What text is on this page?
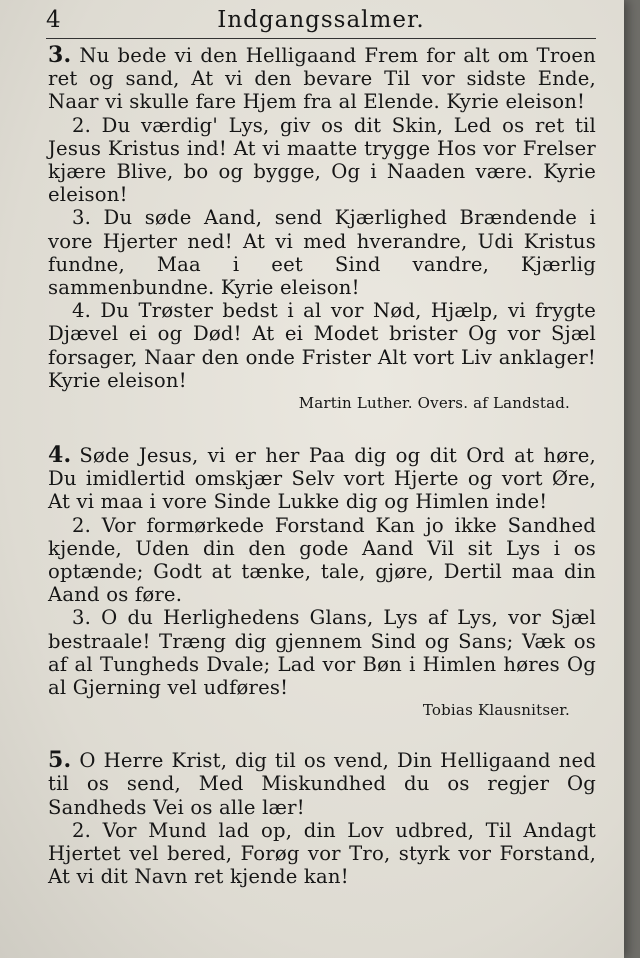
4	Indgangssalmer.

3. Nu bede vi den Helligaand Frem for alt om Troen ret og sand, At vi den bevare Til vor sidste Ende, Naar vi skulle fare Hjem fra al Elende. Kyrie eleison!

2. Du værdig' Lys, giv os dit Skin, Led os ret til Jesus Kristus ind! At vi maatte trygge Hos vor Frelser kjære Blive, bo og bygge, Og i Naaden være. Kyrie eleison!

3. Du søde Aand, send Kjærlighed Brændende i vore Hjerter ned! At vi med hverandre, Udi Kristus fundne, Maa i eet Sind vandre, Kjærlig sammenbundne. Kyrie eleison!

4. Du Trøster bedst i al vor Nød, Hjælp, vi frygte Djævel ei og Død! At ei Modet brister Og vor Sjæl forsager, Naar den onde Frister Alt vort Liv anklager! Kyrie eleison!

Martin Luther. Overs. af Landstad.

4. Søde Jesus, vi er her Paa dig og dit Ord at høre, Du imidlertid omskjær Selv vort Hjerte og vort Øre, At vi maa i vore Sinde Lukke dig og Himlen inde!

2. Vor formørkede Forstand Kan jo ikke Sandhed kjende, Uden din den gode Aand Vil sit Lys i os optænde; Godt at tænke, tale, gjøre, Dertil maa din Aand os føre.

3. O du Herlighedens Glans, Lys af Lys, vor Sjæl bestraale! Træng dig gjennem Sind og Sans; Væk os af al Tungheds Dvale; Lad vor Bøn i Himlen høres Og al Gjerning vel udføres!

Tobias Klausnitser.

5. O Herre Krist, dig til os vend, Din Helligaand ned til os send, Med Miskundhed du os regjer Og Sandheds Vei os alle lær!

2. Vor Mund lad op, din Lov udbred, Til Andagt Hjertet vel bered, Forøg vor Tro, styrk vor Forstand, At vi dit Navn ret kjende kan!
